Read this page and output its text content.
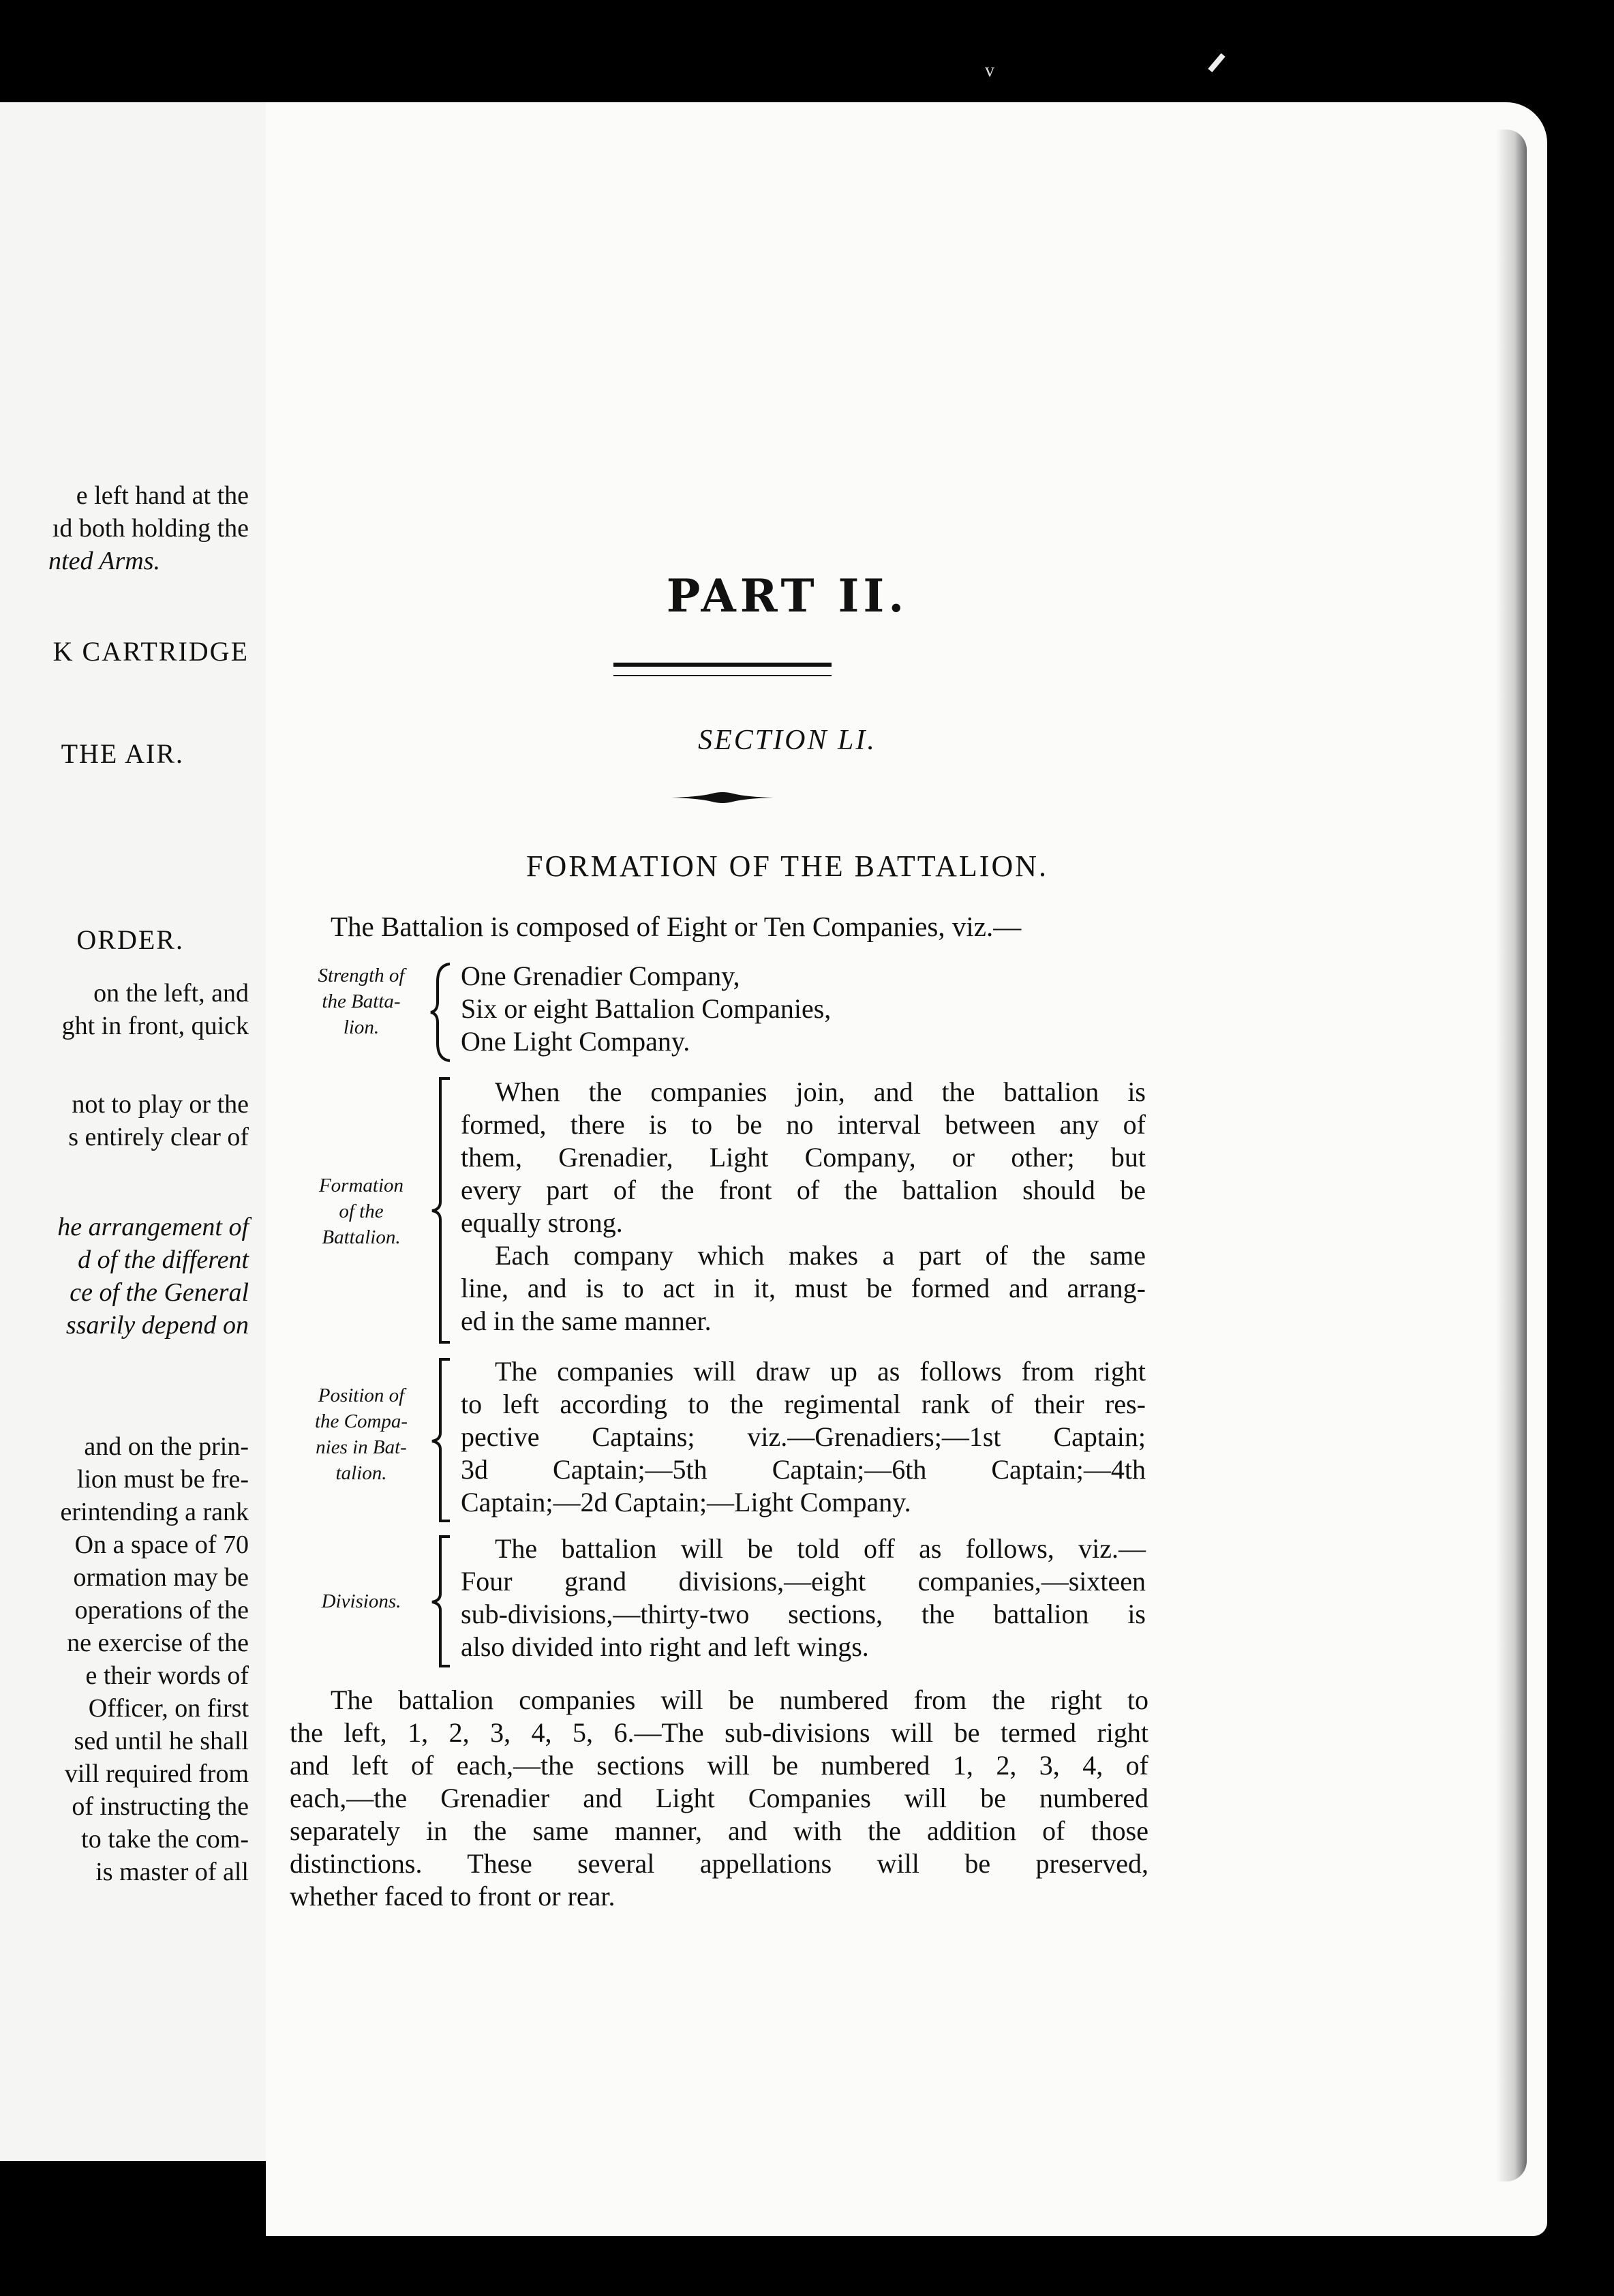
e left hand at the
ıd both holding the
nted Arms.
K CARTRIDGE
THE AIR.
ORDER.
on the left, and
ght in front, quick
not to play or the
s entirely clear of
he arrangement of
d of the different
ce of the General
ssarily depend on
and on the prin-
lion must be fre-
erintending a rank
On a space of 70
ormation may be
operations of the
ne exercise of the
e their words of
Officer, on first
sed until he shall
vill required from
of instructing the
to take the com-
is master of all
v
PART II.
SECTION LI.
FORMATION OF THE BATTALION.
The Battalion is composed of Eight or Ten Companies, viz.—
Strength of
the Batta-
lion.
One Grenadier Company,
Six or eight Battalion Companies,
One Light Company.
Formation
of the
Battalion.
When the companies join, and the battalion is
formed, there is to be no interval between any of
them, Grenadier, Light Company, or other; but
every part of the front of the battalion should be
equally strong.
Each company which makes a part of the same
line, and is to act in it, must be formed and arrang-
ed in the same manner.
Position of
the Compa-
nies in Bat-
talion.
The companies will draw up as follows from right
to left according to the regimental rank of their res-
pective Captains; viz.—Grenadiers;—1st Captain;
3d Captain;—5th Captain;—6th Captain;—4th
Captain;—2d Captain;—Light Company.
Divisions.
The battalion will be told off as follows, viz.—
Four grand divisions,—eight companies,—sixteen
sub-divisions,—thirty-two sections, the battalion is
also divided into right and left wings.
The battalion companies will be numbered from the right to
the left, 1, 2, 3, 4, 5, 6.—The sub-divisions will be termed right
and left of each,—the sections will be numbered 1, 2, 3, 4, of
each,—the Grenadier and Light Companies will be numbered
separately in the same manner, and with the addition of those
distinctions. These several appellations will be preserved,
whether faced to front or rear.
